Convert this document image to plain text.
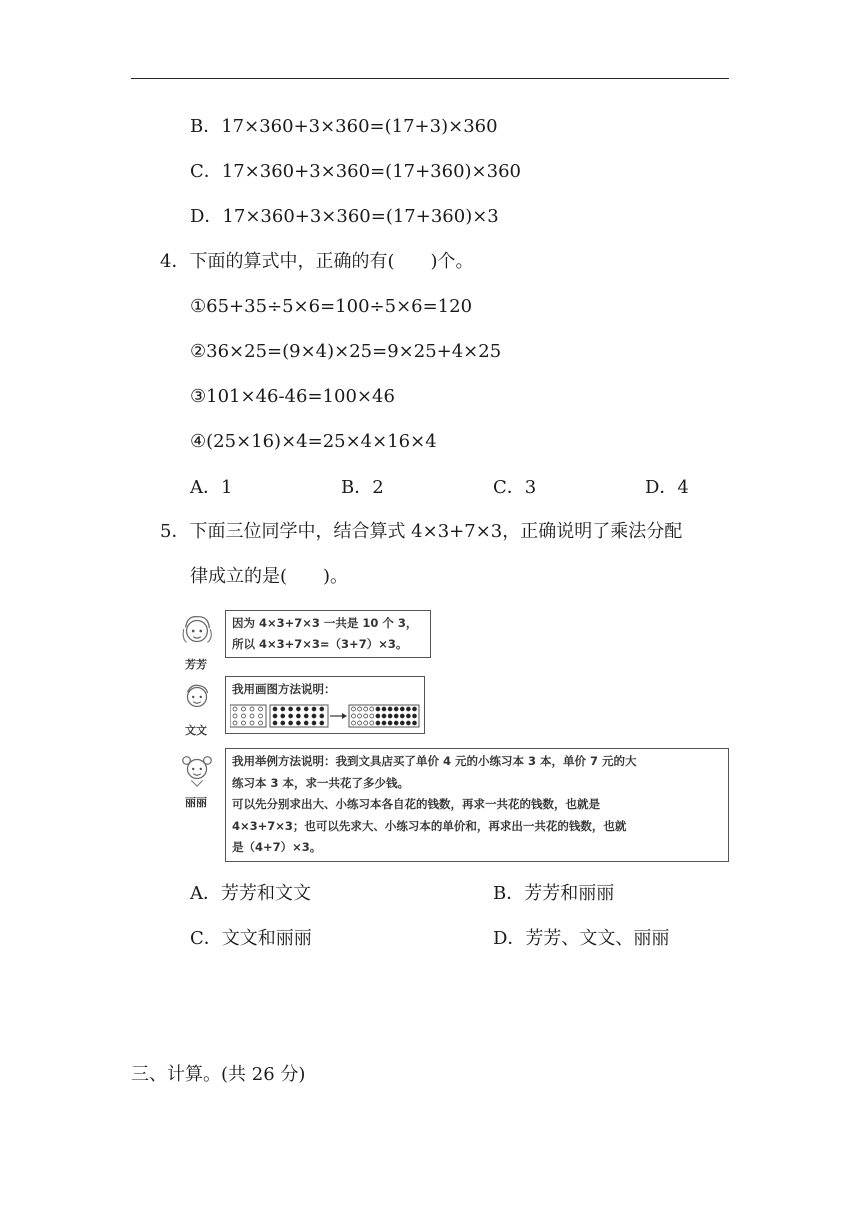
B．17×360+3×360=(17+3)×360
C．17×360+3×360=(17+360)×360
D．17×360+3×360=(17+360)×3
4．下面的算式中，正确的有(　　)个。
①65+35÷5×6=100÷5×6=120
②36×25=(9×4)×25=9×25+4×25
③101×46-46=100×46
④(25×16)×4=25×4×16×4
A．1	B．2	C．3	D．4
5．下面三位同学中，结合算式 4×3+7×3，正确说明了乘法分配
律成立的是(　　)。
芳芳
因为 4×3+7×3 一共是 10 个 3，
所以 4×3+7×3=（3+7）×3。
文文
我用画图方法说明：
丽丽
我用举例方法说明：我到文具店买了单价 4 元的小练习本 3 本，单价 7 元的大
练习本 3 本，求一共花了多少钱。
可以先分别求出大、小练习本各自花的钱数，再求一共花的钱数，也就是
4×3+7×3；也可以先求大、小练习本的单价和，再求出一共花的钱数，也就
是（4+7）×3。
A．芳芳和文文	B．芳芳和丽丽
C．文文和丽丽	D．芳芳、文文、丽丽
三、计算。(共 26 分)
